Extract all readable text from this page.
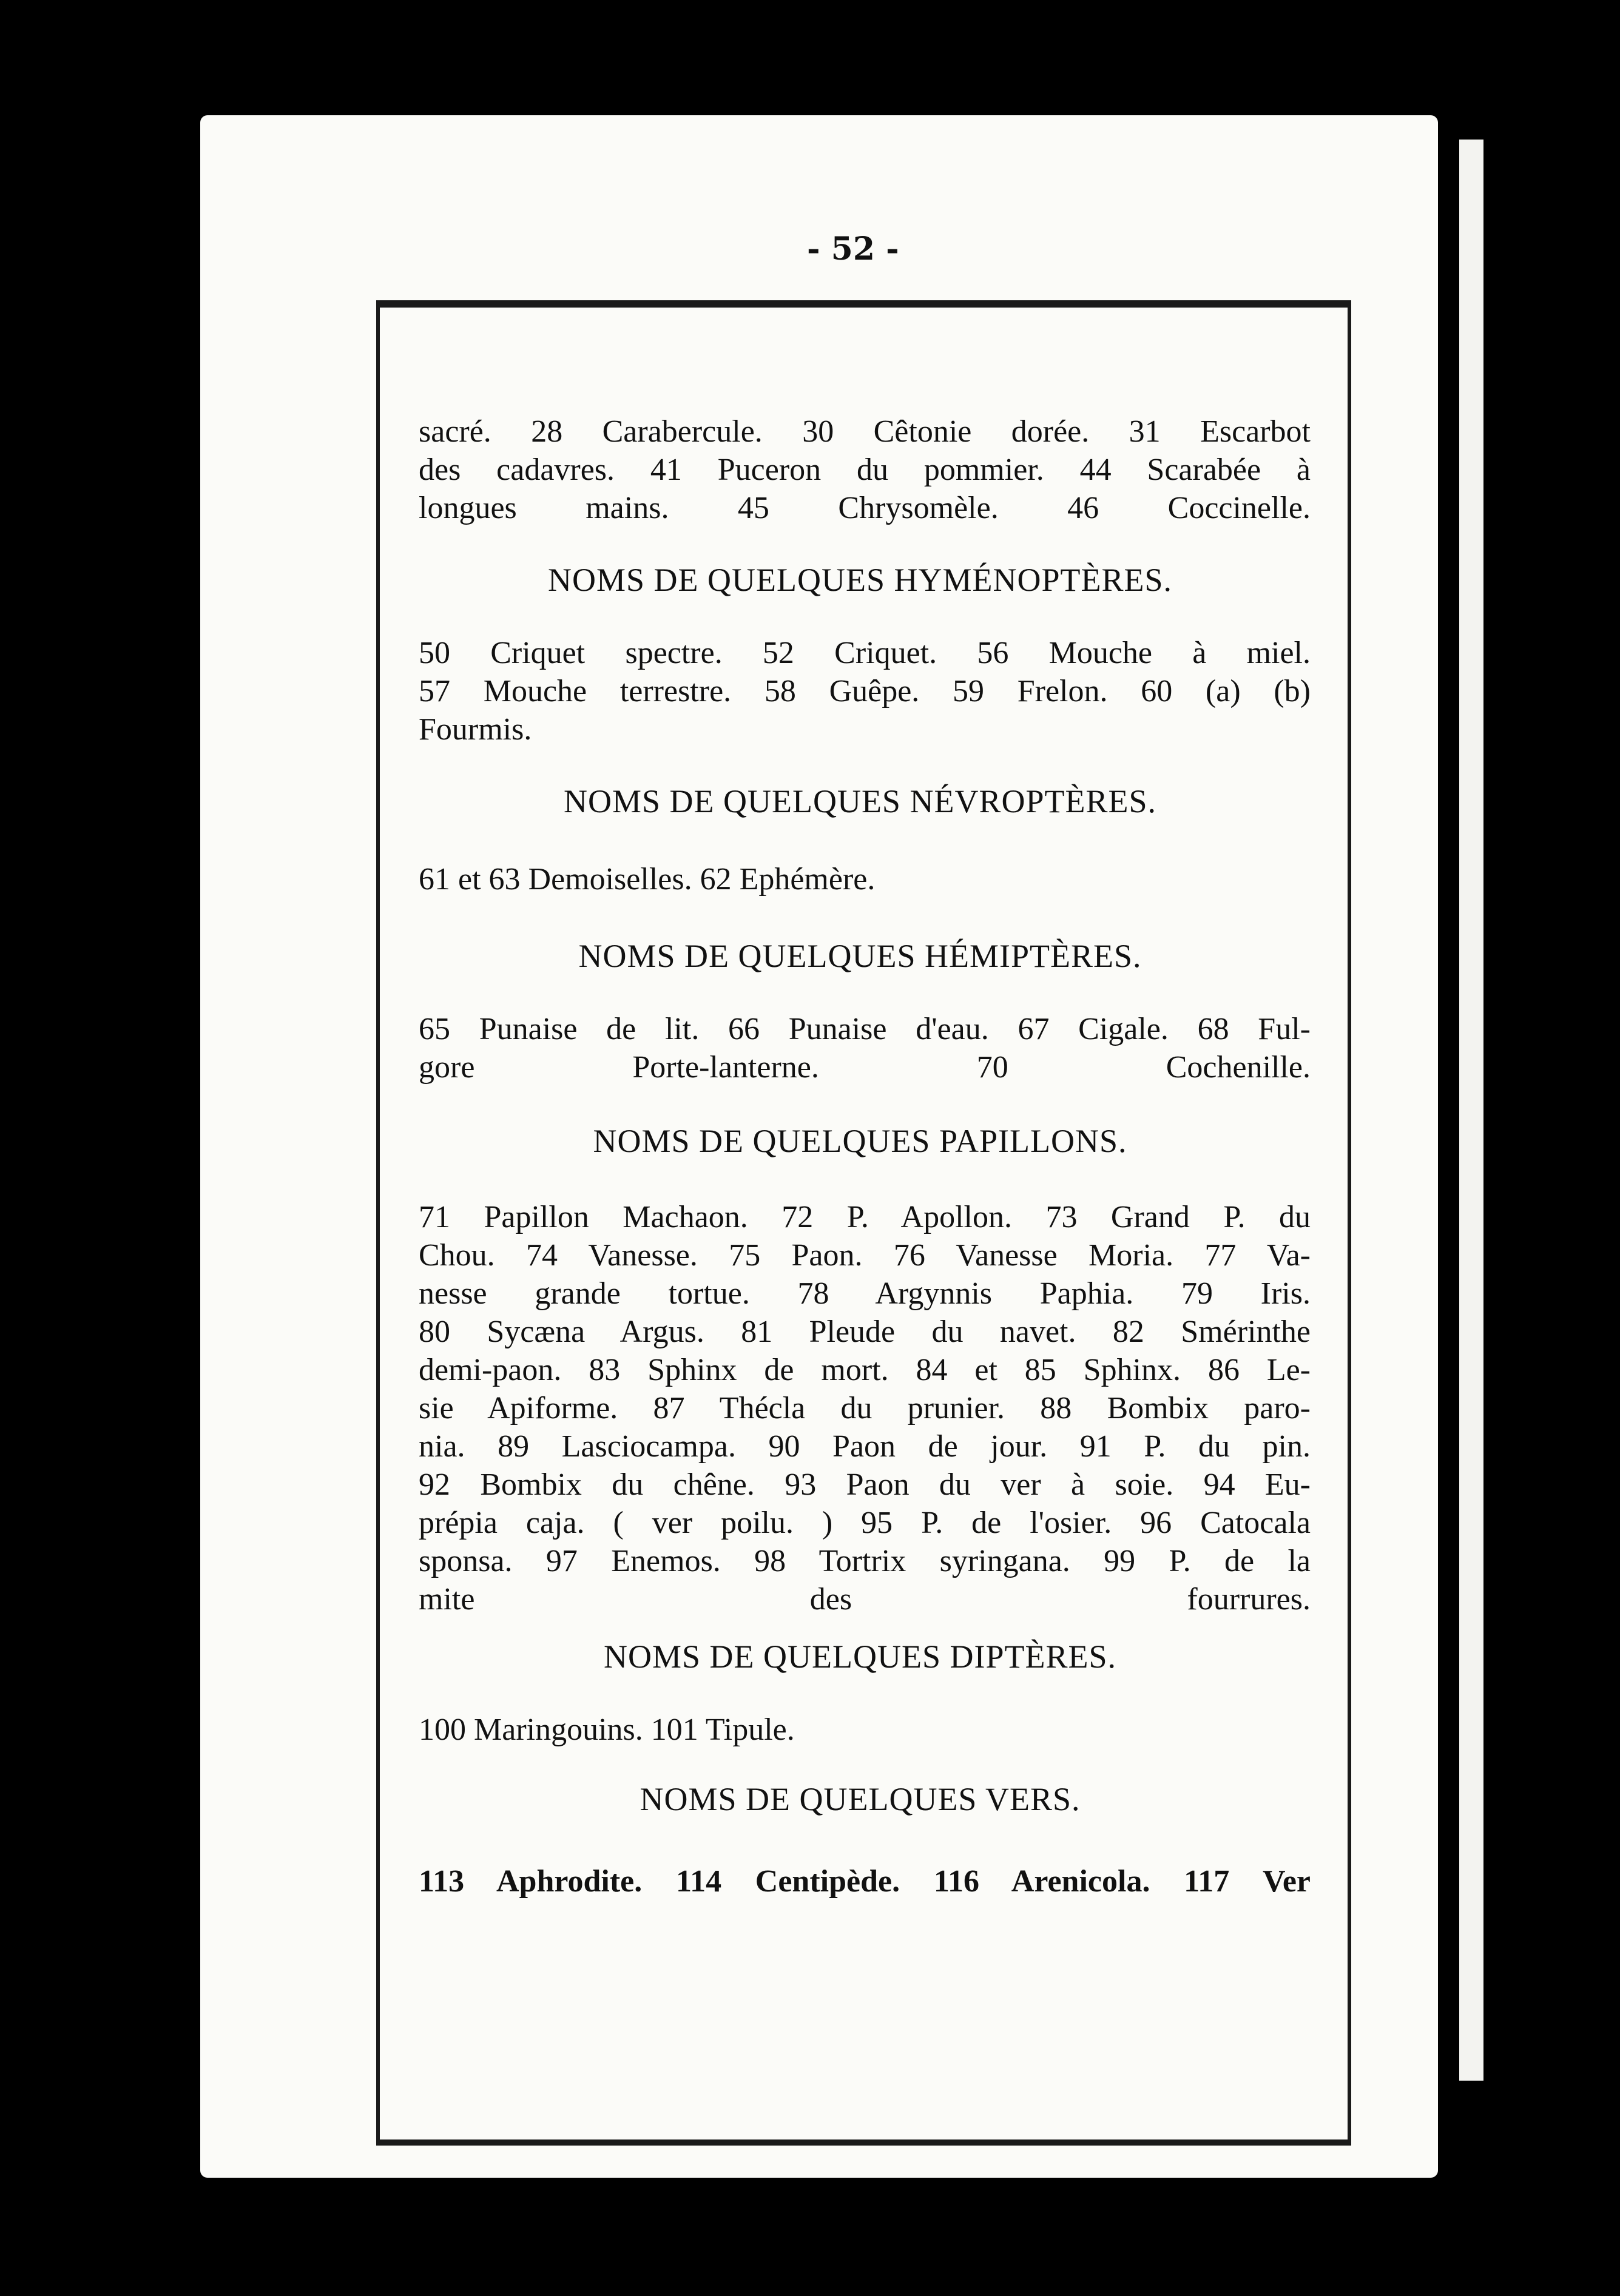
- 52 -
sacré. 28 Carabercule. 30 Cêtonie dorée. 31 Escarbot
des cadavres. 41 Puceron du pommier. 44 Scarabée à
longues mains. 45 Chrysomèle. 46 Coccinelle.
NOMS DE QUELQUES HYMÉNOPTÈRES.
50 Criquet spectre. 52 Criquet. 56 Mouche à miel.
57 Mouche terrestre. 58 Guêpe. 59 Frelon. 60 (a) (b)
Fourmis.
NOMS DE QUELQUES NÉVROPTÈRES.
61 et 63 Demoiselles. 62 Ephémère.
NOMS DE QUELQUES HÉMIPTÈRES.
65 Punaise de lit. 66 Punaise d'eau. 67 Cigale. 68 Ful-
gore Porte-lanterne. 70 Cochenille.
NOMS DE QUELQUES PAPILLONS.
71 Papillon Machaon. 72 P. Apollon. 73 Grand P. du
Chou. 74 Vanesse. 75 Paon. 76 Vanesse Moria. 77 Va-
nesse grande tortue. 78 Argynnis Paphia. 79 Iris.
80 Sycæna Argus. 81 Pleude du navet. 82 Smérinthe
demi-paon. 83 Sphinx de mort. 84 et 85 Sphinx. 86 Le-
sie Apiforme. 87 Thécla du prunier. 88 Bombix paro-
nia. 89 Lasciocampa. 90 Paon de jour. 91 P. du pin.
92 Bombix du chêne. 93 Paon du ver à soie. 94 Eu-
prépia caja. ( ver poilu. ) 95 P. de l'osier. 96 Catocala
sponsa. 97 Enemos. 98 Tortrix syringana. 99 P. de la
mite des fourrures.
NOMS DE QUELQUES DIPTÈRES.
100 Maringouins. 101 Tipule.
NOMS DE QUELQUES VERS.
113 Aphrodite. 114 Centipède. 116 Arenicola. 117 Ver
